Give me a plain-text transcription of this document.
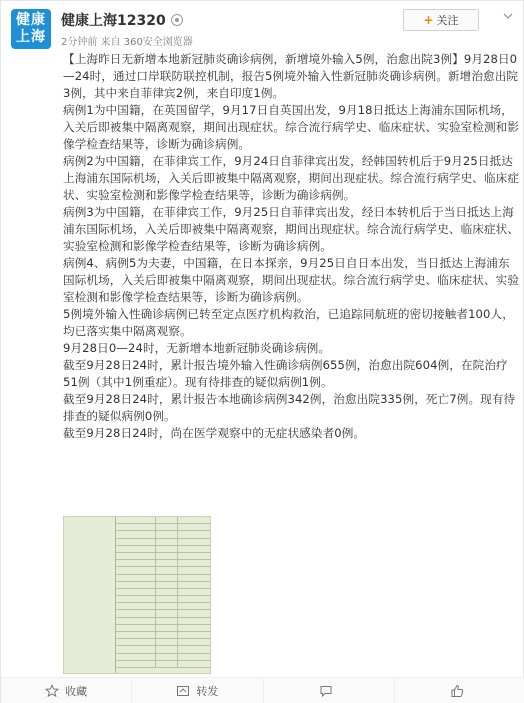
健康
上海
健康上海12320
2分钟前 来自 360安全浏览器
+ 关注

【上海昨日无新增本地新冠肺炎确诊病例，新增境外输入5例，治愈出院3例】9月28日0—24时，通过口岸联防联控机制，报告5例境外输入性新冠肺炎确诊病例。新增治愈出院3例，其中来自菲律宾2例，来自印度1例。

病例1为中国籍，在英国留学，9月17日自英国出发，9月18日抵达上海浦东国际机场，入关后即被集中隔离观察，期间出现症状。综合流行病学史、临床症状、实验室检测和影像学检查结果等，诊断为确诊病例。

病例2为中国籍，在菲律宾工作，9月24日自菲律宾出发，经韩国转机后于9月25日抵达上海浦东国际机场，入关后即被集中隔离观察，期间出现症状。综合流行病学史、临床症状、实验室检测和影像学检查结果等，诊断为确诊病例。

病例3为中国籍，在菲律宾工作，9月25日自菲律宾出发，经日本转机后于当日抵达上海浦东国际机场，入关后即被集中隔离观察，期间出现症状。综合流行病学史、临床症状、实验室检测和影像学检查结果等，诊断为确诊病例。

病例4、病例5为夫妻，中国籍，在日本探亲，9月25日自日本出发，当日抵达上海浦东国际机场，入关后即被集中隔离观察，期间出现症状。综合流行病学史、临床症状、实验室检测和影像学检查结果等，诊断为确诊病例。

5例境外输入性确诊病例已转至定点医疗机构救治，已追踪同航班的密切接触者100人，均已落实集中隔离观察。

9月28日0—24时，无新增本地新冠肺炎确诊病例。

截至9月28日24时，累计报告境外输入性确诊病例655例，治愈出院604例，在院治疗51例（其中1例重症）。现有待排查的疑似病例1例。

截至9月28日24时，累计报告本地确诊病例342例，治愈出院335例，死亡7例。现有待排查的疑似病例0例。

截至9月28日24时，尚在医学观察中的无症状感染者0例。

收藏	转发
